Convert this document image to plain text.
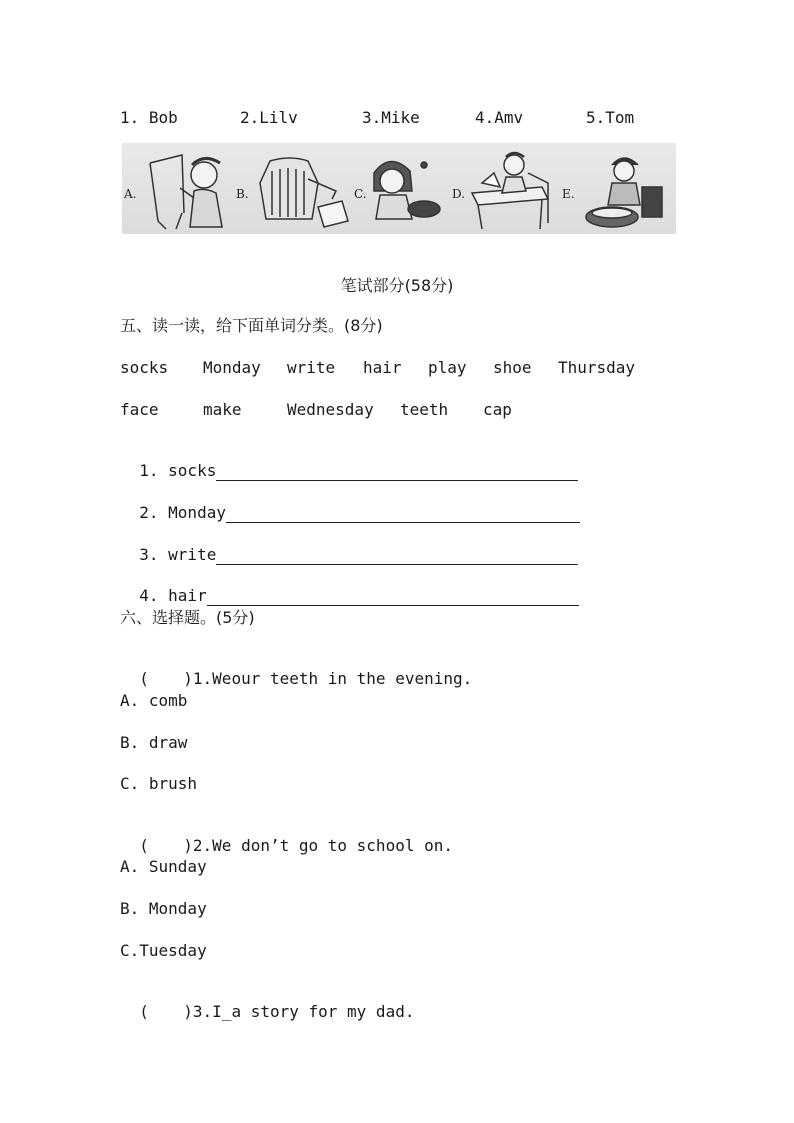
1. Bob

	2.Lilv

	3.Mike

	4.Amv

	5.Tom

A.	B.	C.	D.	E.
笔试部分(58分)
五、读一读，给下面单词分类。(8分)

socks

Monday

write

hair

play

shoe

Thursday

face

	make

	Wednesday

teeth

cap

1. socks

2. Monday

3. write

4. hair

六、选择题。(5分)

( )1.Weour teeth in the evening.

A. comb
B. draw
C. brush

( )2.We don’t go to school on.

A. Sunday
B. Monday
C.Tuesday

( )3.I_a story for my dad.
